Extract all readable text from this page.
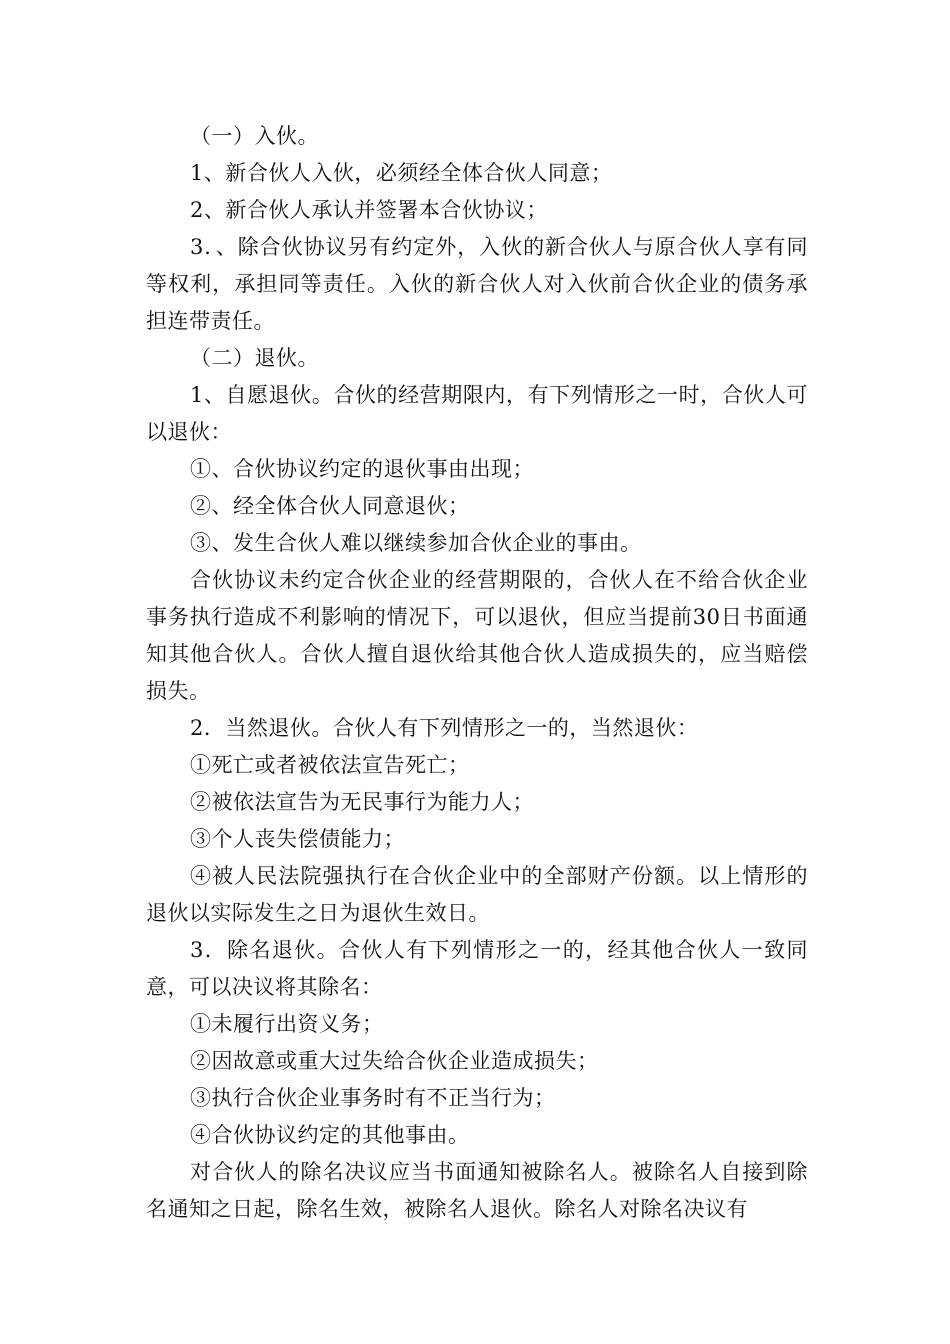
（一）入伙。

1、新合伙人入伙，必须经全体合伙人同意；

2、新合伙人承认并签署本合伙协议；

3．、除合伙协议另有约定外，入伙的新合伙人与原合伙人享有同等权利，承担同等责任。入伙的新合伙人对入伙前合伙企业的债务承担连带责任。

（二）退伙。

1、自愿退伙。合伙的经营期限内，有下列情形之一时，合伙人可以退伙：

①、合伙协议约定的退伙事由出现；

②、经全体合伙人同意退伙；

③、发生合伙人难以继续参加合伙企业的事由。

合伙协议未约定合伙企业的经营期限的，合伙人在不给合伙企业事务执行造成不利影响的情况下，可以退伙，但应当提前30日书面通知其他合伙人。合伙人擅自退伙给其他合伙人造成损失的，应当赔偿损失。

2．当然退伙。合伙人有下列情形之一的，当然退伙：

①死亡或者被依法宣告死亡；

②被依法宣告为无民事行为能力人；

③个人丧失偿债能力；

④被人民法院强执行在合伙企业中的全部财产份额。以上情形的退伙以实际发生之日为退伙生效日。

3．除名退伙。合伙人有下列情形之一的，经其他合伙人一致同意，可以决议将其除名：

①未履行出资义务；

②因故意或重大过失给合伙企业造成损失；

③执行合伙企业事务时有不正当行为；

④合伙协议约定的其他事由。

对合伙人的除名决议应当书面通知被除名人。被除名人自接到除名通知之日起，除名生效，被除名人退伙。除名人对除名决议有
